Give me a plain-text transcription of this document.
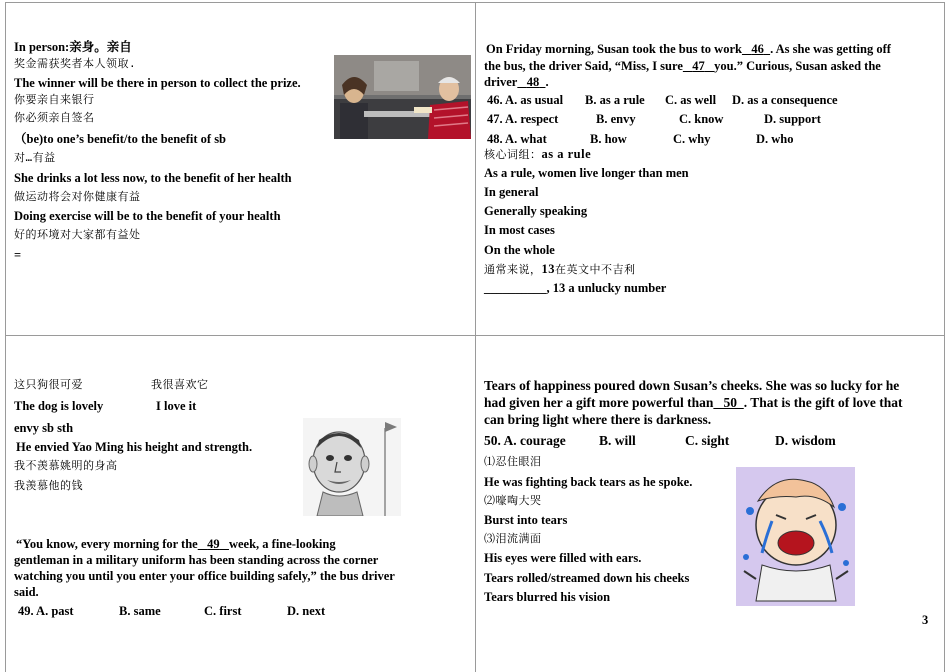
In person:亲身。亲自
奖金需获奖者本人领取.
The winner will be there in person to collect the prize.
你要亲自来银行
你必须亲自签名
（be)to one’s benefit/to the benefit of sb
对…有益
She drinks a lot less now, to the benefit of her health
做运动将会对你健康有益
Doing exercise will be to the benefit of your health
好的环境对大家都有益处
=
On Friday morning, Susan took the bus to work 46 . As she was getting off
the bus, the driver Said, “Miss, I sure 47 you.” Curious, Susan asked the
driver 48 .
46. A. as usual B. as a rule C. as well D. as a consequence
47. A. respect	B. envy	C. know	D. support
48. A. what	B. how	C. why	D. who
核心词组：as a rule
As a rule, women live longer than men
In general
Generally speaking
In most cases
On the whole
通常来说，13在英文中不吉利
__________, 13 a unlucky number
这只狗很可爱	我很喜欢它
The dog is lovely	I love it
envy sb sth
He envied Yao Ming his height and strength.
我不羡慕姚明的身高
我羡慕他的钱
“You know, every morning for the 49 week, a fine-looking
gentleman in a military uniform has been standing across the corner
watching you until you enter your office building safely,” the bus driver
said.
49. A. past	B. same	C. first	D. next
Tears of happiness poured down Susan’s cheeks. She was so lucky for he
had given her a gift more powerful than 50 . That is the gift of love that
can bring light where there is darkness.
50. A. courage B. will	C. sight	D. wisdom
⑴忍住眼泪
He was fighting back tears as he spoke.
⑵嚎啕大哭
Burst into tears
⑶泪流满面
His eyes were filled with ears.
Tears rolled/streamed down his cheeks
Tears blurred his vision
3
